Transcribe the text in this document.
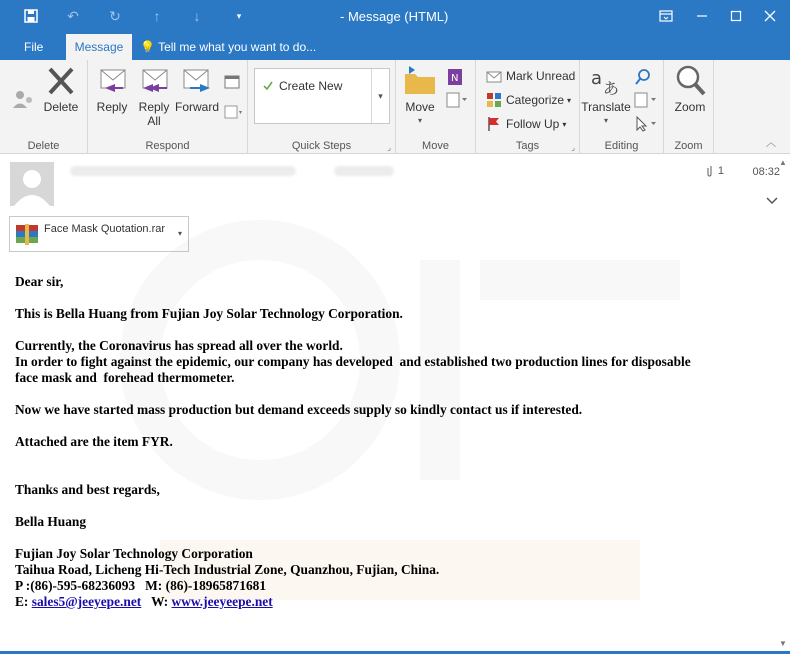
↶ ↻	↑	↓	▾	- Message (HTML)
File	Message	💡 Tell me what you want to do...
Delete
Delete
Reply Reply
All
Forward
Respond
Create New
▾
Quick Steps	⌟
Move
▾
N
Move
Mark Unread
Categorize ▾
Follow Up ▾
Tags	⌟
a あ
Translate
▾
Editing
Zoom
Zoom	︿
1	08:32
Face Mask Quotation.rar ▾

Dear sir,

This is Bella Huang from Fujian Joy Solar Technology Corporation.

Currently, the Coronavirus has spread all over the world.

In order to fight against the epidemic, our company has developed  and established two production lines for disposable

face mask and  forehead thermometer.

Now we have started mass production but demand exceeds supply so kindly contact us if interested.

Attached are the item FYR.

Thanks and best regards,

Bella Huang

Fujian Joy Solar Technology Corporation

Taihua Road, Licheng Hi-Tech Industrial Zone, Quanzhou, Fujian, China.

P :(86)-595-68236093   M: (86)-18965871681

E: sales5@jeeyepe.net   W: www.jeeyeepe.net

▲
▼
